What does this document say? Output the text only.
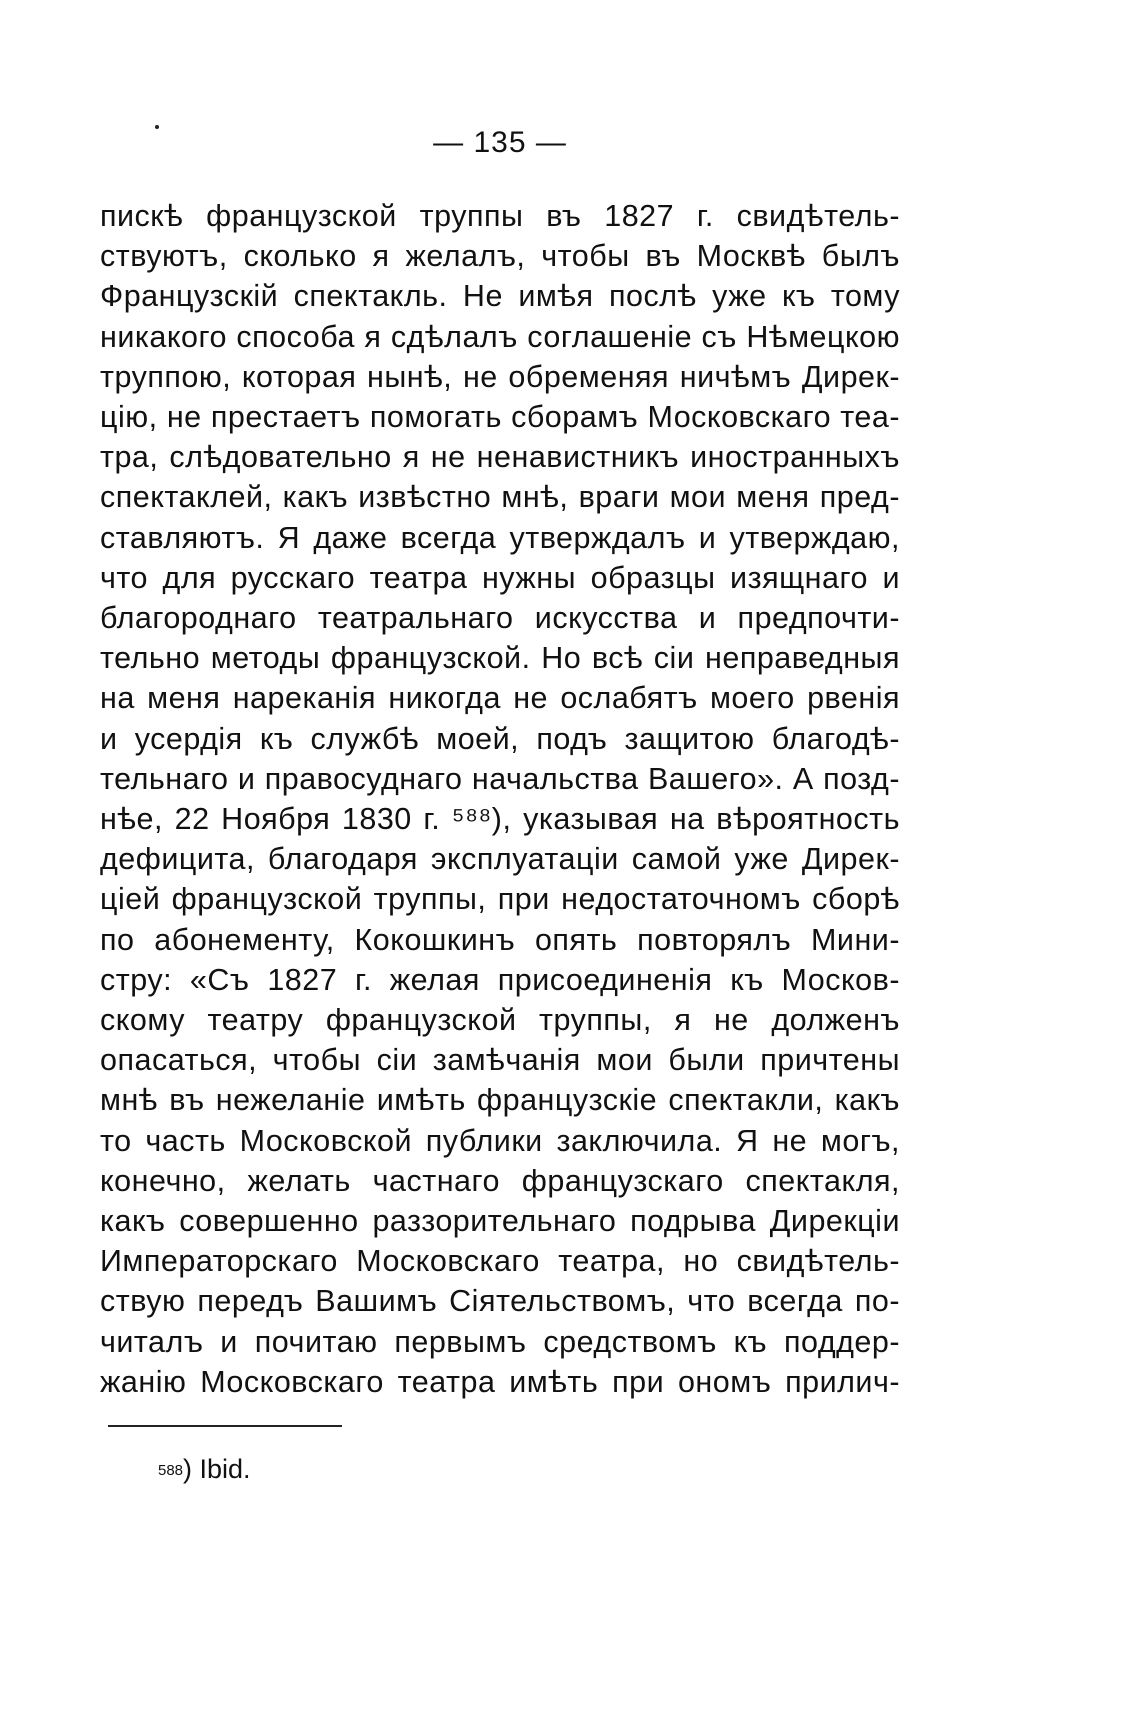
— 135 —
пискѣ французской труппы въ 1827 г. свидѣтель-
ствуютъ, сколько я желалъ, чтобы въ Москвѣ былъ
Французскій спектакль. Не имѣя послѣ уже къ тому
никакого способа я сдѣлалъ соглашеніе съ Нѣмецкою
труппою, которая нынѣ, не обременяя ничѣмъ Дирек-
цію, не престаетъ помогать сборамъ Московскаго теа-
тра, слѣдовательно я не ненавистникъ иностранныхъ
спектаклей, какъ извѣстно мнѣ, враги мои меня пред-
ставляютъ. Я даже всегда утверждалъ и утверждаю,
что для русскаго театра нужны образцы изящнаго и
благороднаго театральнаго искусства и предпочти-
тельно методы французской. Но всѣ сіи неправедныя
на меня нареканія никогда не ослабятъ моего рвенія
и усердія къ службѣ моей, подъ защитою благодѣ-
тельнаго и правосуднаго начальства Вашего». А позд-
нѣе, 22 Ноября 1830 г. ⁵⁸⁸), указывая на вѣроятность
дефицита, благодаря эксплуатаціи самой уже Дирек-
ціей французской труппы, при недостаточномъ сборѣ
по абонементу, Кокошкинъ опять повторялъ Мини-
стру: «Съ 1827 г. желая присоединенія къ Москов-
скому театру французской труппы, я не долженъ
опасаться, чтобы сіи замѣчанія мои были причтены
мнѣ въ нежеланіе имѣть французскіе спектакли, какъ
то часть Московской публики заключила. Я не могъ,
конечно, желать частнаго французскаго спектакля,
какъ совершенно раззорительнаго подрыва Дирекціи
Императорскаго Московскаго театра, но свидѣтель-
ствую передъ Вашимъ Сіятельствомъ, что всегда по-
читалъ и почитаю первымъ средствомъ къ поддер-
жанію Московскаго театра имѣть при ономъ прилич-
$^{588}$) Ibid.
